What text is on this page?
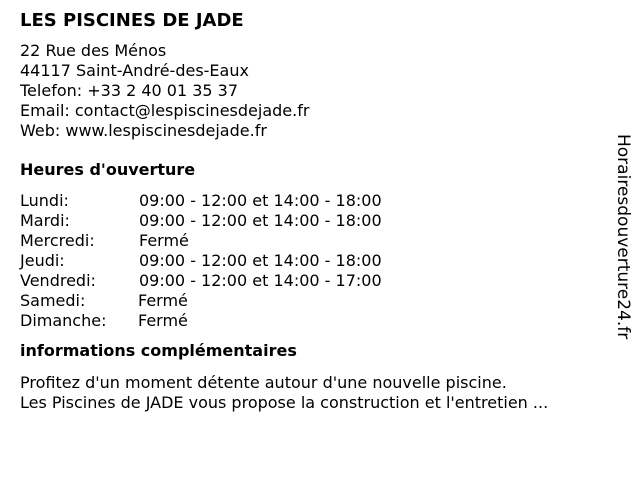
LES PISCINES DE JADE
22 Rue des Ménos
44117 Saint-André-des-Eaux
Telefon: +33 2 40 01 35 37
Email: contact@lespiscinesdejade.fr
Web: www.lespiscinesdejade.fr
Heures d'ouverture
Lundi:	09:00 - 12:00 et 14:00 - 18:00
Mardi:	09:00 - 12:00 et 14:00 - 18:00
Mercredi:	Fermé
Jeudi:	09:00 - 12:00 et 14:00 - 18:00
Vendredi:	09:00 - 12:00 et 14:00 - 17:00
Samedi:	Fermé
Dimanche:	Fermé
informations complémentaires
Profitez d'un moment détente autour d'une nouvelle piscine.
Les Piscines de JADE vous propose la construction et l'entretien ...
Horairesdouverture24.fr
